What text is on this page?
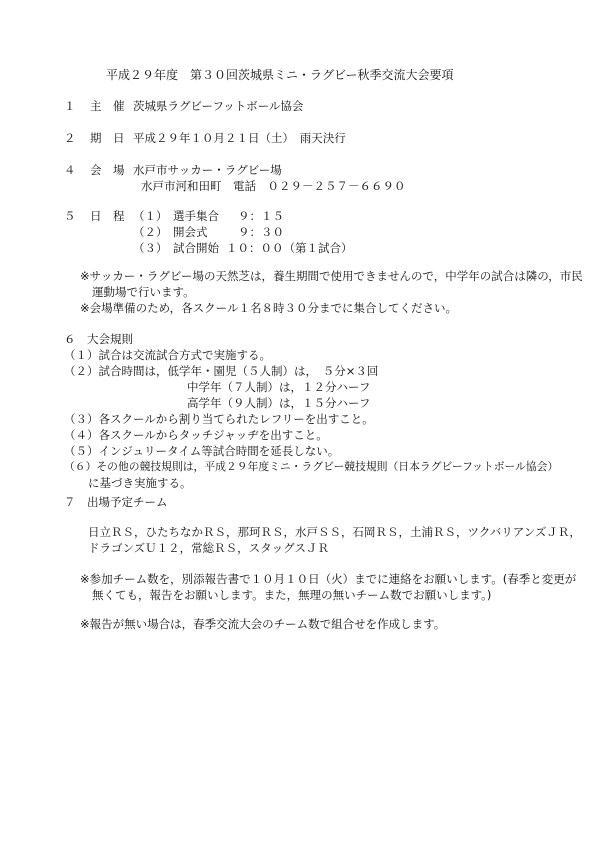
平成２９年度　第３０回茨城県ミニ・ラグビー秋季交流大会要項
１ 主　催 茨城県ラグビーフットボール協会
２ 期　日 平成２９年１０月２１日（土）　雨天決行
４ 会　場 水戸市サッカー・ラグビー場
水戸市河和田町　電話　０２９－２５７－６６９０
５ 日　程 （１） 選手集合 ９：１５
（２） 開会式	９：３０
（３） 試合開始 １０：００（第１試合）
※サッカー・ラグビー場の天然芝は，養生期間で使用できませんので，中学年の試合は隣の，市民
運動場で行います。
※会場準備のため，各スクール１名８時３０分までに集合してください。
６　大会規則
（１）試合は交流試合方式で実施する。
（２）試合時間は，低学年・園児（５人制）は，　５分×３回
中学年（７人制）は，１２分ハーフ
高学年（９人制）は，１５分ハーフ
（３）各スクールから割り当てられたレフリーを出すこと。
（４）各スクールからタッチジャッヂを出すこと。
（５）インジュリータイム等試合時間を延長しない。
（６）その他の競技規則は，平成２９年度ミニ・ラグビー競技規則（日本ラグビーフットボール協会）
に基づき実施する。
７　出場予定チーム
日立ＲＳ，ひたちなかＲＳ，那珂ＲＳ，水戸ＳＳ，石岡ＲＳ，土浦ＲＳ，ツクバリアンズＪＲ，
ドラゴンズＵ１２，常総ＲＳ，スタッグスＪＲ
※参加チーム数を，別添報告書で１０月１０日（火）までに連絡をお願いします。(春季と変更が
無くても，報告をお願いします。また，無理の無いチーム数でお願いします。)
※報告が無い場合は，春季交流大会のチーム数で組合せを作成します。
